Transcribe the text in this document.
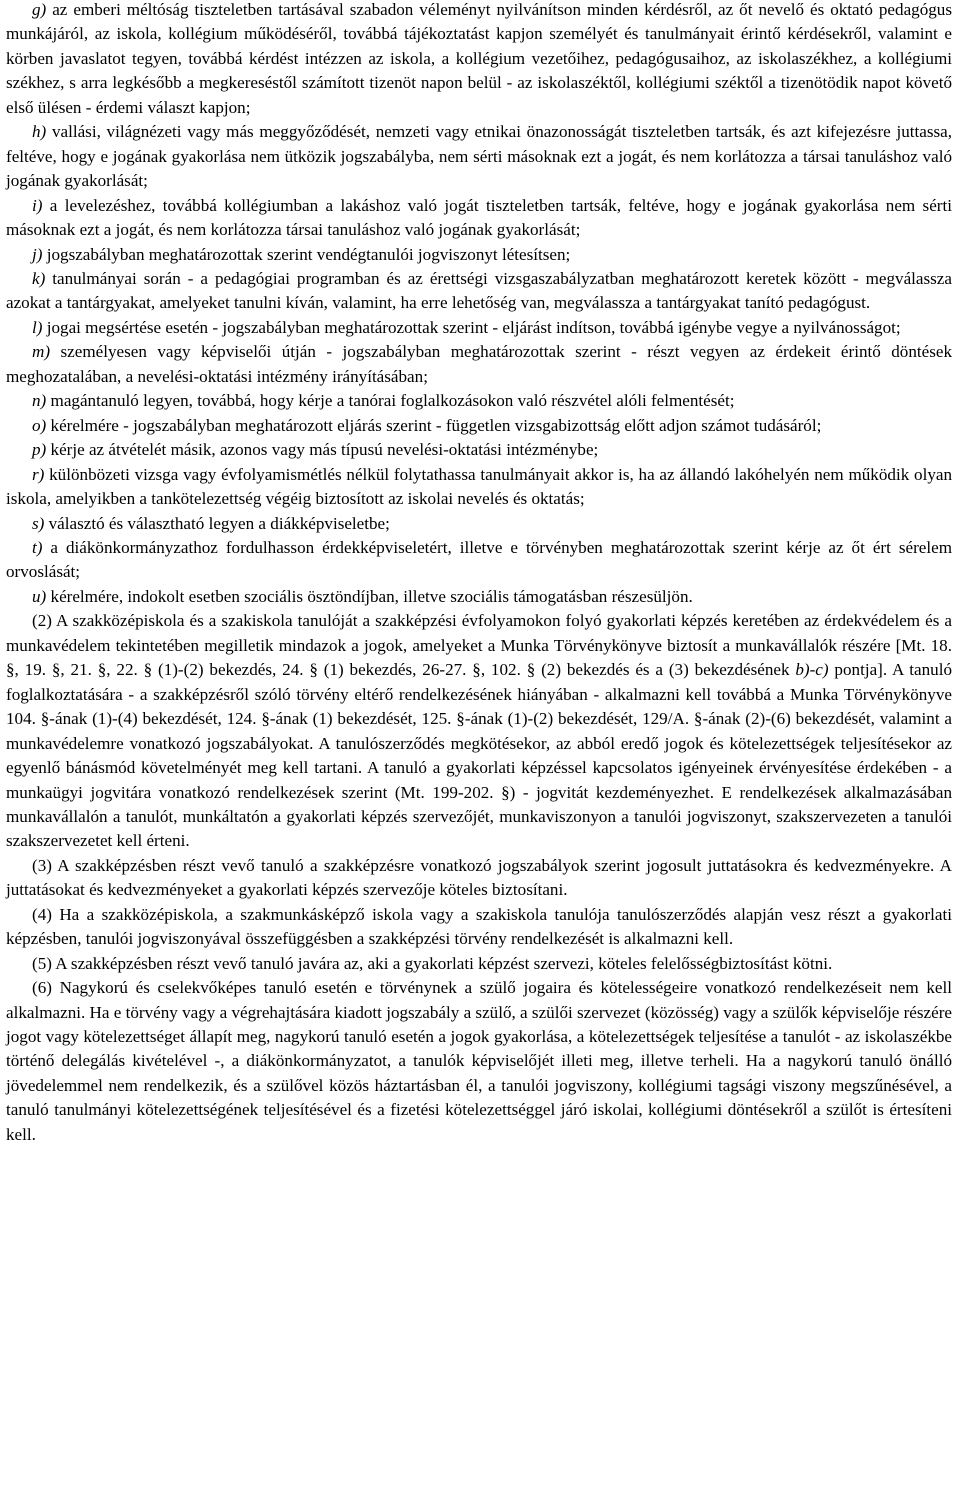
g) az emberi méltóság tiszteletben tartásával szabadon véleményt nyilvánítson minden kérdésről, az őt nevelő és oktató pedagógus munkájáról, az iskola, kollégium működéséről, továbbá tájékoztatást kapjon személyét és tanulmányait érintő kérdésekről, valamint e körben javaslatot tegyen, továbbá kérdést intézzen az iskola, a kollégium vezetőihez, pedagógusaihoz, az iskolaszékhez, a kollégiumi székhez, s arra legkésőbb a megkereséstől számított tizenöt napon belül - az iskolaszéktől, kollégiumi széktől a tizenötödik napot követő első ülésen - érdemi választ kapjon;

h) vallási, világnézeti vagy más meggyőződését, nemzeti vagy etnikai önazonosságát tiszteletben tartsák, és azt kifejezésre juttassa, feltéve, hogy e jogának gyakorlása nem ütközik jogszabályba, nem sérti másoknak ezt a jogát, és nem korlátozza a társai tanuláshoz való jogának gyakorlását;

i) a levelezéshez, továbbá kollégiumban a lakáshoz való jogát tiszteletben tartsák, feltéve, hogy e jogának gyakorlása nem sérti másoknak ezt a jogát, és nem korlátozza társai tanuláshoz való jogának gyakorlását;

j) jogszabályban meghatározottak szerint vendégtanulói jogviszonyt létesítsen;

k) tanulmányai során - a pedagógiai programban és az érettségi vizsgaszabályzatban meghatározott keretek között - megválassza azokat a tantárgyakat, amelyeket tanulni kíván, valamint, ha erre lehetőség van, megválassza a tantárgyakat tanító pedagógust.

l) jogai megsértése esetén - jogszabályban meghatározottak szerint - eljárást indítson, továbbá igénybe vegye a nyilvánosságot;

m) személyesen vagy képviselői útján - jogszabályban meghatározottak szerint - részt vegyen az érdekeit érintő döntések meghozatalában, a nevelési-oktatási intézmény irányításában;

n) magántanuló legyen, továbbá, hogy kérje a tanórai foglalkozásokon való részvétel alóli felmentését;

o) kérelmére - jogszabályban meghatározott eljárás szerint - független vizsgabizottság előtt adjon számot tudásáról;

p) kérje az átvételét másik, azonos vagy más típusú nevelési-oktatási intézménybe;

r) különbözeti vizsga vagy évfolyamismétlés nélkül folytathassa tanulmányait akkor is, ha az állandó lakóhelyén nem működik olyan iskola, amelyikben a tankötelezettség végéig biztosított az iskolai nevelés és oktatás;

s) választó és választható legyen a diákképviseletbe;

t) a diákönkormányzathoz fordulhasson érdekképviseletért, illetve e törvényben meghatározottak szerint kérje az őt ért sérelem orvoslását;

u) kérelmére, indokolt esetben szociális ösztöndíjban, illetve szociális támogatásban részesüljön.

(2) A szakközépiskola és a szakiskola tanulóját a szakképzési évfolyamokon folyó gyakorlati képzés keretében az érdekvédelem és a munkavédelem tekintetében megilletik mindazok a jogok, amelyeket a Munka Törvénykönyve biztosít a munkavállalók részére [Mt. 18. §, 19. §, 21. §, 22. § (1)-(2) bekezdés, 24. § (1) bekezdés, 26-27. §, 102. § (2) bekezdés és a (3) bekezdésének b)-c) pontja]. A tanuló foglalkoztatására - a szakképzésről szóló törvény eltérő rendelkezésének hiányában - alkalmazni kell továbbá a Munka Törvénykönyve 104. §-ának (1)-(4) bekezdését, 124. §-ának (1) bekezdését, 125. §-ának (1)-(2) bekezdését, 129/A. §-ának (2)-(6) bekezdését, valamint a munkavédelemre vonatkozó jogszabályokat. A tanulószerződés megkötésekor, az abból eredő jogok és kötelezettségek teljesítésekor az egyenlő bánásmód követelményét meg kell tartani. A tanuló a gyakorlati képzéssel kapcsolatos igényeinek érvényesítése érdekében - a munkaügyi jogvitára vonatkozó rendelkezések szerint (Mt. 199-202. §) - jogvitát kezdeményezhet. E rendelkezések alkalmazásában munkavállalón a tanulót, munkáltatón a gyakorlati képzés szervezőjét, munkaviszonyon a tanulói jogviszonyt, szakszervezeten a tanulói szakszervezetet kell érteni.

(3) A szakképzésben részt vevő tanuló a szakképzésre vonatkozó jogszabályok szerint jogosult juttatásokra és kedvezményekre. A juttatásokat és kedvezményeket a gyakorlati képzés szervezője köteles biztosítani.

(4) Ha a szakközépiskola, a szakmunkásképző iskola vagy a szakiskola tanulója tanulószerződés alapján vesz részt a gyakorlati képzésben, tanulói jogviszonyával összefüggésben a szakképzési törvény rendelkezését is alkalmazni kell.

(5) A szakképzésben részt vevő tanuló javára az, aki a gyakorlati képzést szervezi, köteles felelősségbiztosítást kötni.

(6) Nagykorú és cselekvőképes tanuló esetén e törvénynek a szülő jogaira és kötelességeire vonatkozó rendelkezéseit nem kell alkalmazni. Ha e törvény vagy a végrehajtására kiadott jogszabály a szülő, a szülői szervezet (közösség) vagy a szülők képviselője részére jogot vagy kötelezettséget állapít meg, nagykorú tanuló esetén a jogok gyakorlása, a kötelezettségek teljesítése a tanulót - az iskolaszékbe történő delegálás kivételével -, a diákönkormányzatot, a tanulók képviselőjét illeti meg, illetve terheli. Ha a nagykorú tanuló önálló jövedelemmel nem rendelkezik, és a szülővel közös háztartásban él, a tanulói jogviszony, kollégiumi tagsági viszony megszűnésével, a tanuló tanulmányi kötelezettségének teljesítésével és a fizetési kötelezettséggel járó iskolai, kollégiumi döntésekről a szülőt is értesíteni kell.
